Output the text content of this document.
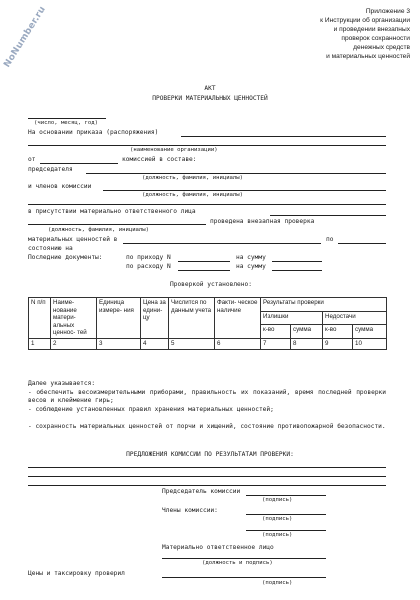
NoNumber.ru	Приложение 3
к Инструкции об организации
и проведении внезапных
проверок сохранности
денежных средств
и материальных ценностей
АКТ
ПРОВЕРКИ МАТЕРИАЛЬНЫХ ЦЕННОСТЕЙ
(число, месяц, год)
На основании приказа (распоряжения)
(наименование организации)
от	комиссией в составе:
председателя
(должность, фамилия, инициалы)
и членов комиссии
(должность, фамилия, инициалы)
в присутствии материально ответственного лица
проведена внезапная проверка
(должность, фамилия, инициалы)
материальных ценностей в	по
состоянию на
Последние документы:	по приходу N	на сумму
по расходу N	на сумму
Проверкой установлено:
N п/п	Наиме- нование матери- альных ценнос- тей	Единица измере- ния	Цена за едини- цу	Числится по данным учета	Факти- ческое наличие	Результаты проверки			
						Излишки		Недостачи	
						к-во	сумма	к-во	сумма
1	2	3	4	5	6	7	8	9	10
Далее указывается:
- обеспечить весоизмерительными приборами, правильность их показаний, время последней проверки весов и клеймение гирь;
- соблюдение установленных правил хранения материальных ценностей;
- сохранность материальных ценностей от порчи и хищений, состояние противопожарной безопасности.
ПРЕДЛОЖЕНИЯ КОМИССИИ ПО РЕЗУЛЬТАТАМ ПРОВЕРКИ:
Председатель комиссии
(подпись)
Члены комиссии:
(подпись)
(подпись)
Материально ответственное лицо
(должность и подпись)
Цены и таксировку проверил
(подпись)
